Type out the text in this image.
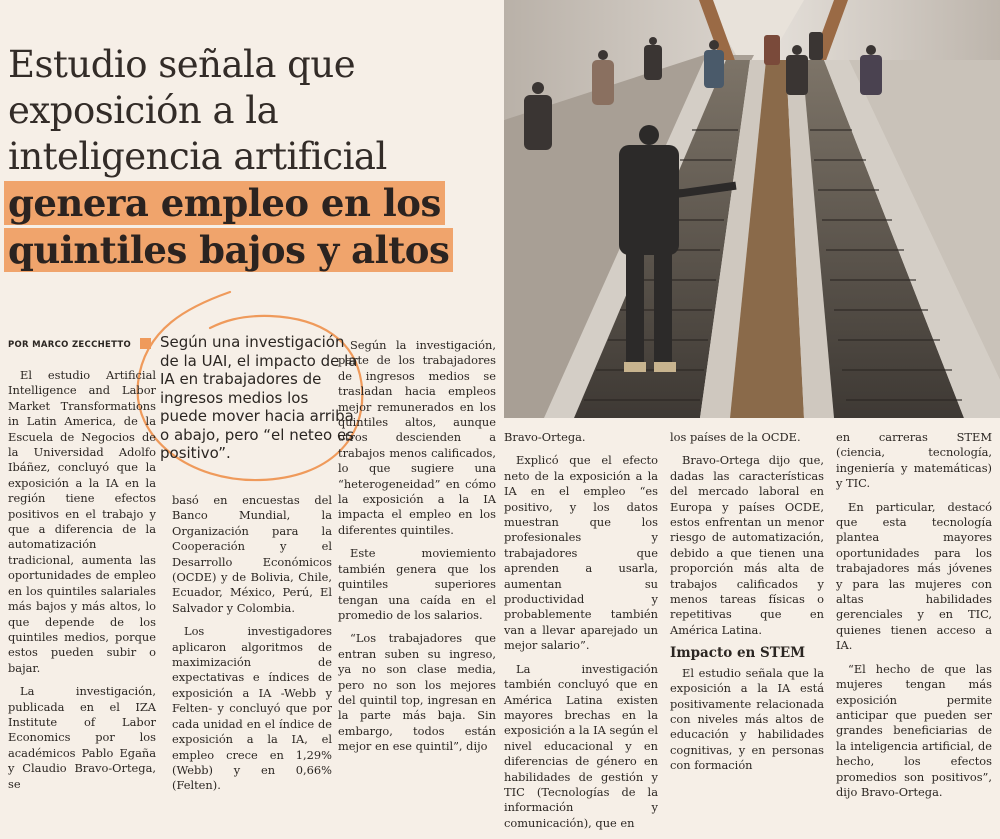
Estudio señala que
exposición a la
inteligencia artificial
genera empleo en los
quintiles bajos y altos
POR MARCO ZECCHETTO	Según una investigación de la UAI, el impacto de la IA en trabajadores de ingresos medios los puede mover hacia arriba o abajo, pero “el neteo es positivo”.

El estudio Artificial Intelligence and Labor Market Transformations in Latin America, de la Escuela de Negocios de la Universidad Adolfo Ibáñez, concluyó que la exposición a la IA en la región tiene efectos positivos en el trabajo y que a diferencia de la automatización tradicional, aumenta las oportunidades de empleo en los quintiles salariales más bajos y más altos, lo que depende de los quintiles medios, porque estos pueden subir o bajar.

La investigación, publicada en el IZA Institute of Labor Economics por los académicos Pablo Egaña y Claudio Bravo-Ortega, se

basó en encuestas del Banco Mundial, la Organización para la Cooperación y el Desarrollo Económicos (OCDE) y de Bolivia, Chile, Ecuador, México, Perú, El Salvador y Colombia.

Los investigadores aplicaron algoritmos de maximización de expectativas e índices de exposición a IA -Webb y Felten- y concluyó que por cada unidad en el índice de exposición a la IA, el empleo crece en 1,29% (Webb) y en 0,66% (Felten).

Según la investigación, parte de los trabajadores de ingresos medios se trasladan hacia empleos mejor remunerados en los quintiles altos, aunque otros descienden a trabajos menos calificados, lo que sugiere una “heterogeneidad” en cómo la exposición a la IA impacta el empleo en los diferentes quintiles.

Este moviemiento también genera que los quintiles superiores tengan una caída en el promedio de los salarios.

“Los trabajadores que entran suben su ingreso, ya no son clase media, pero no son los mejores del quintil top, ingresan en la parte más baja. Sin embargo, todos están mejor en ese quintil”, dijo

Bravo-Ortega.

Explicó que el efecto neto de la exposición a la IA en el empleo “es positivo, y los datos muestran que los profesionales y trabajadores que aprenden a usarla, aumentan su productividad y probablemente también van a llevar aparejado un mejor salario”.

La investigación también concluyó que en América Latina existen mayores brechas en la exposición a la IA según el nivel educacional y en diferencias de género en habilidades de gestión y TIC (Tecnologías de la información y comunicación), que en

los países de la OCDE.

Bravo-Ortega dijo que, dadas las características del mercado laboral en Europa y países OCDE, estos enfrentan un menor riesgo de automatización, debido a que tienen una proporción más alta de trabajos calificados y menos tareas físicas o repetitivas que en América Latina.

Impacto en STEM

El estudio señala que la exposición a la IA está positivamente relacionada con niveles más altos de educación y habilidades cognitivas, y en personas con formación

en carreras STEM (ciencia, tecnología, ingeniería y matemáticas) y TIC.

En particular, destacó que esta tecnología plantea mayores oportunidades para los trabajadores más jóvenes y para las mujeres con altas habilidades gerenciales y en TIC, quienes tienen acceso a IA.

“El hecho de que las mujeres tengan más exposición permite anticipar que pueden ser grandes beneficiarias de la inteligencia artificial, de hecho, los efectos promedios son positivos”, dijo Bravo-Ortega.
